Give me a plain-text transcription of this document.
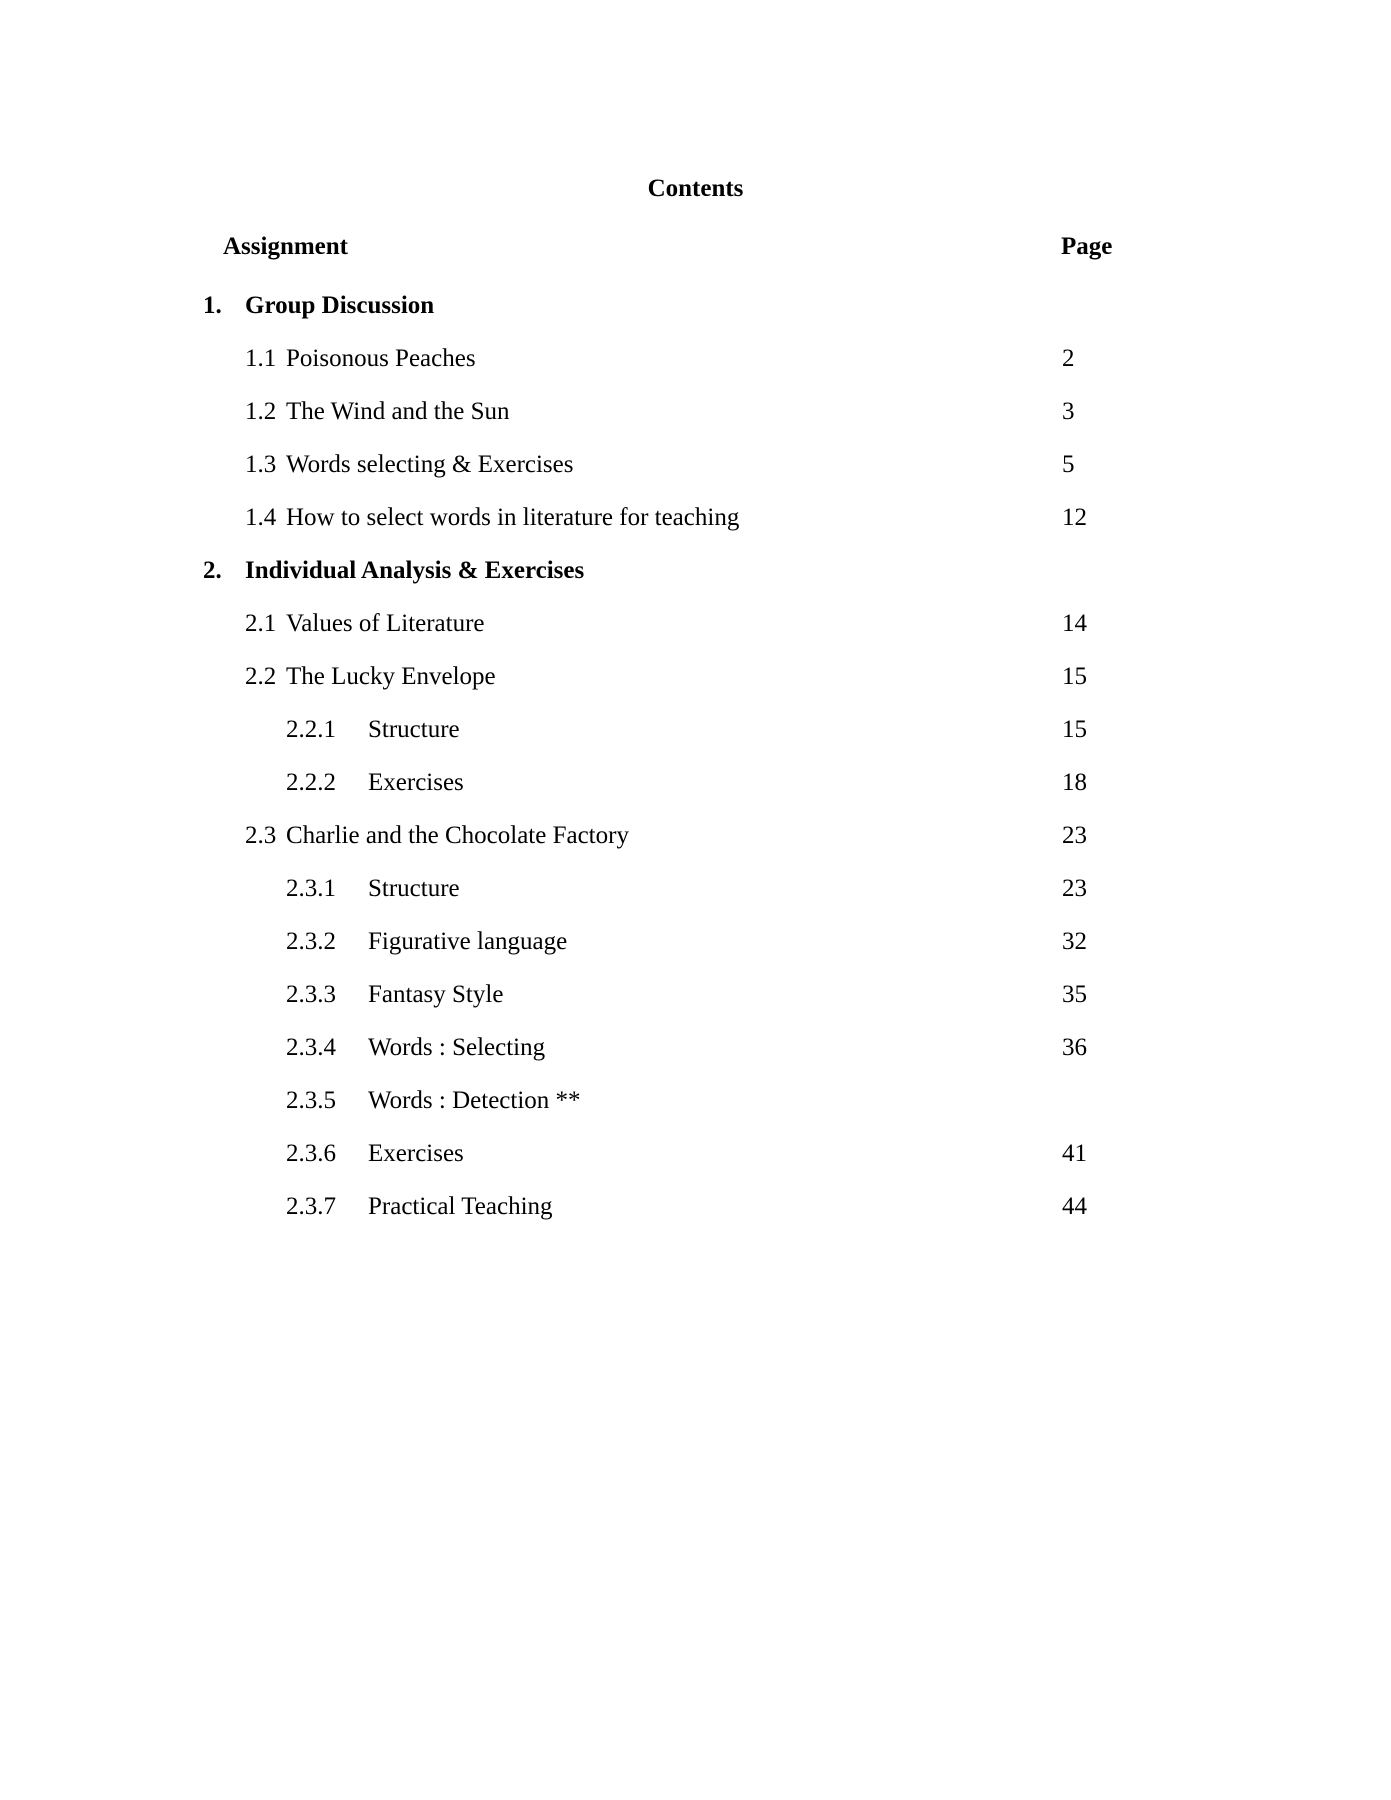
Contents
Assignment	Page
1. Group Discussion
1.1 Poisonous Peaches	2
1.2 The Wind and the Sun	3
1.3 Words selecting & Exercises	5
1.4 How to select words in literature for teaching	12
2. Individual Analysis & Exercises
2.1 Values of Literature	14
2.2 The Lucky Envelope	15
2.2.1 Structure	15
2.2.2 Exercises	18
2.3 Charlie and the Chocolate Factory	23
2.3.1 Structure	23
2.3.2 Figurative language	32
2.3.3 Fantasy Style	35
2.3.4 Words : Selecting	36
2.3.5 Words : Detection **
2.3.6 Exercises	41
2.3.7 Practical Teaching	44
